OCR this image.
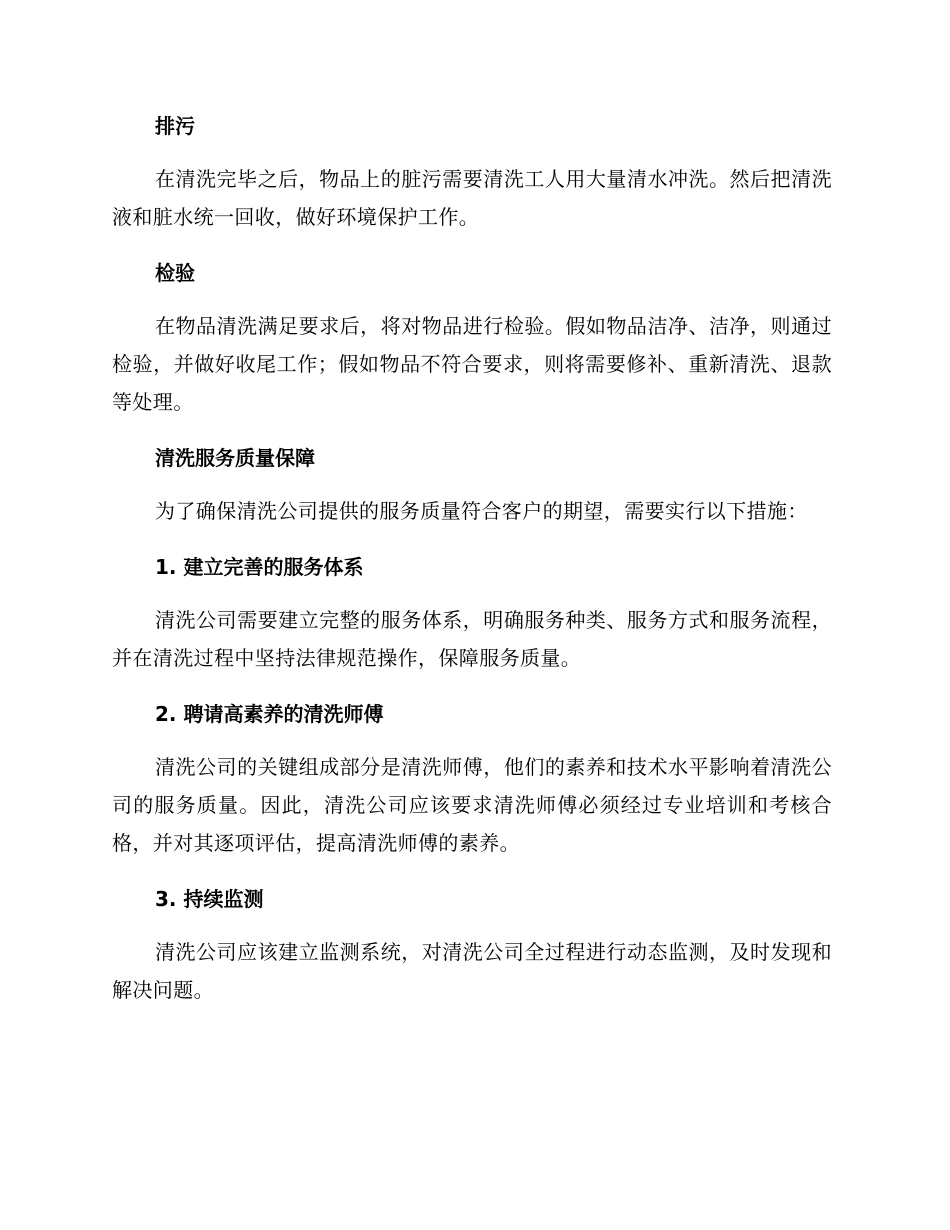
排污

在清洗完毕之后，物品上的脏污需要清洗工人用大量清水冲洗。然后把清洗液和脏水统一回收，做好环境保护工作。

检验

在物品清洗满足要求后，将对物品进行检验。假如物品洁净、洁净，则通过检验，并做好收尾工作；假如物品不符合要求，则将需要修补、重新清洗、退款等处理。

清洗服务质量保障

为了确保清洗公司提供的服务质量符合客户的期望，需要实行以下措施：

1. 建立完善的服务体系

清洗公司需要建立完整的服务体系，明确服务种类、服务方式和服务流程，并在清洗过程中坚持法律规范操作，保障服务质量。

2. 聘请高素养的清洗师傅

清洗公司的关键组成部分是清洗师傅，他们的素养和技术水平影响着清洗公司的服务质量。因此，清洗公司应该要求清洗师傅必须经过专业培训和考核合格，并对其逐项评估，提高清洗师傅的素养。

3. 持续监测

清洗公司应该建立监测系统，对清洗公司全过程进行动态监测，及时发现和解决问题。
